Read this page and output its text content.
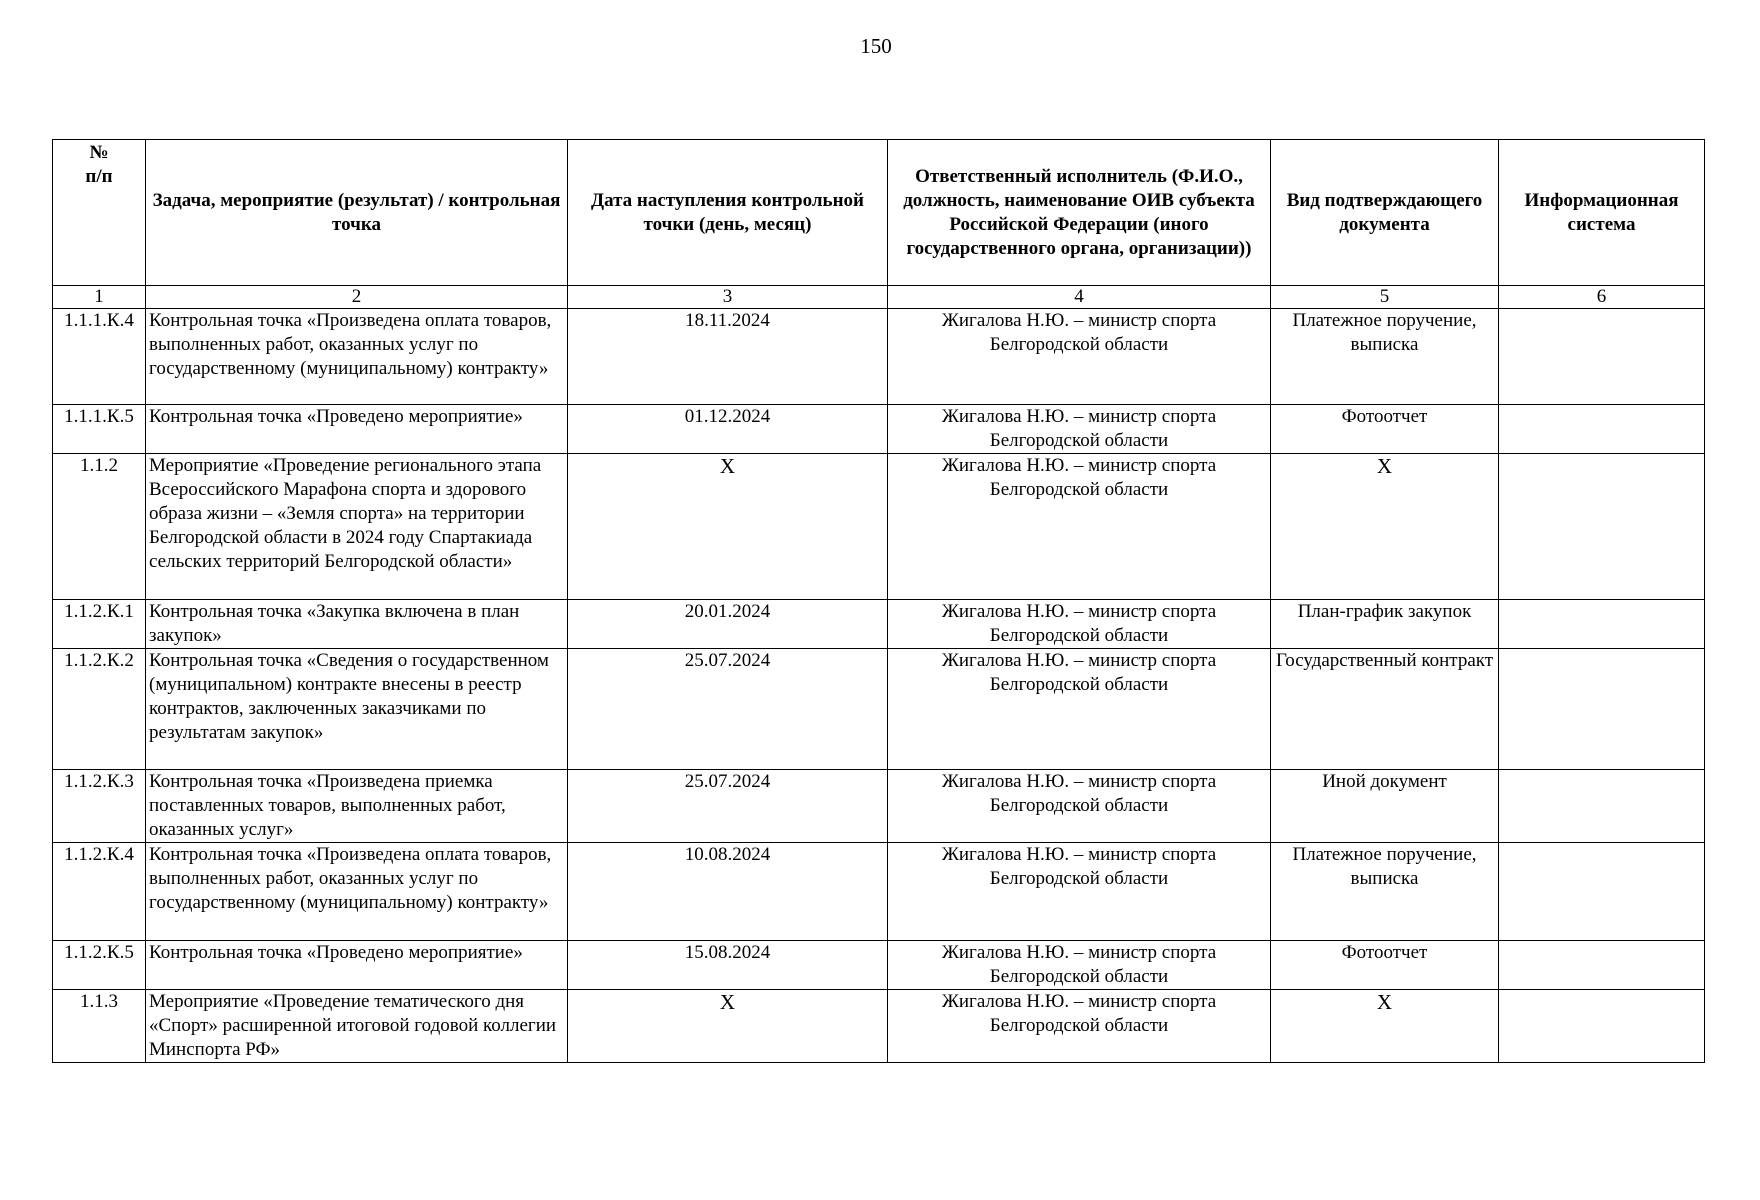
150
№
п/п	Задача, мероприятие (результат) / контрольная точка	Дата наступления контрольной точки (день, месяц)	Ответственный исполнитель (Ф.И.О., должность, наименование ОИВ субъекта Российской Федерации (иного государственного органа, организации))	Вид подтверждающего документа	Информационная система
1	2	3	4	5	6
1.1.1.К.4	Контрольная точка «Произведена оплата товаров, выполненных работ, оказанных услуг по государственному (муниципальному) контракту»	18.11.2024	Жигалова Н.Ю. – министр спорта Белгородской области	Платежное поручение, выписка	
1.1.1.К.5	Контрольная точка «Проведено мероприятие»	01.12.2024	Жигалова Н.Ю. – министр спорта Белгородской области	Фотоотчет	
1.1.2	Мероприятие «Проведение регионального этапа Всероссийского Марафона спорта и здорового образа жизни – «Земля спорта» на территории Белгородской области в 2024 году Спартакиада сельских территорий Белгородской области»	Х	Жигалова Н.Ю. – министр спорта Белгородской области	Х	
1.1.2.К.1	Контрольная точка «Закупка включена в план закупок»	20.01.2024	Жигалова Н.Ю. – министр спорта Белгородской области	План-график закупок	
1.1.2.К.2	Контрольная точка «Сведения о государственном (муниципальном) контракте внесены в реестр контрактов, заключенных заказчиками по результатам закупок»	25.07.2024	Жигалова Н.Ю. – министр спорта Белгородской области	Государственный контракт	
1.1.2.К.3	Контрольная точка «Произведена приемка поставленных товаров, выполненных работ, оказанных услуг»	25.07.2024	Жигалова Н.Ю. – министр спорта Белгородской области	Иной документ	
1.1.2.К.4	Контрольная точка «Произведена оплата товаров, выполненных работ, оказанных услуг по государственному (муниципальному) контракту»	10.08.2024	Жигалова Н.Ю. – министр спорта Белгородской области	Платежное поручение, выписка	
1.1.2.К.5	Контрольная точка «Проведено мероприятие»	15.08.2024	Жигалова Н.Ю. – министр спорта Белгородской области	Фотоотчет	
1.1.3	Мероприятие «Проведение тематического дня «Спорт» расширенной итоговой годовой коллегии Минспорта РФ»	Х	Жигалова Н.Ю. – министр спорта Белгородской области	Х	
